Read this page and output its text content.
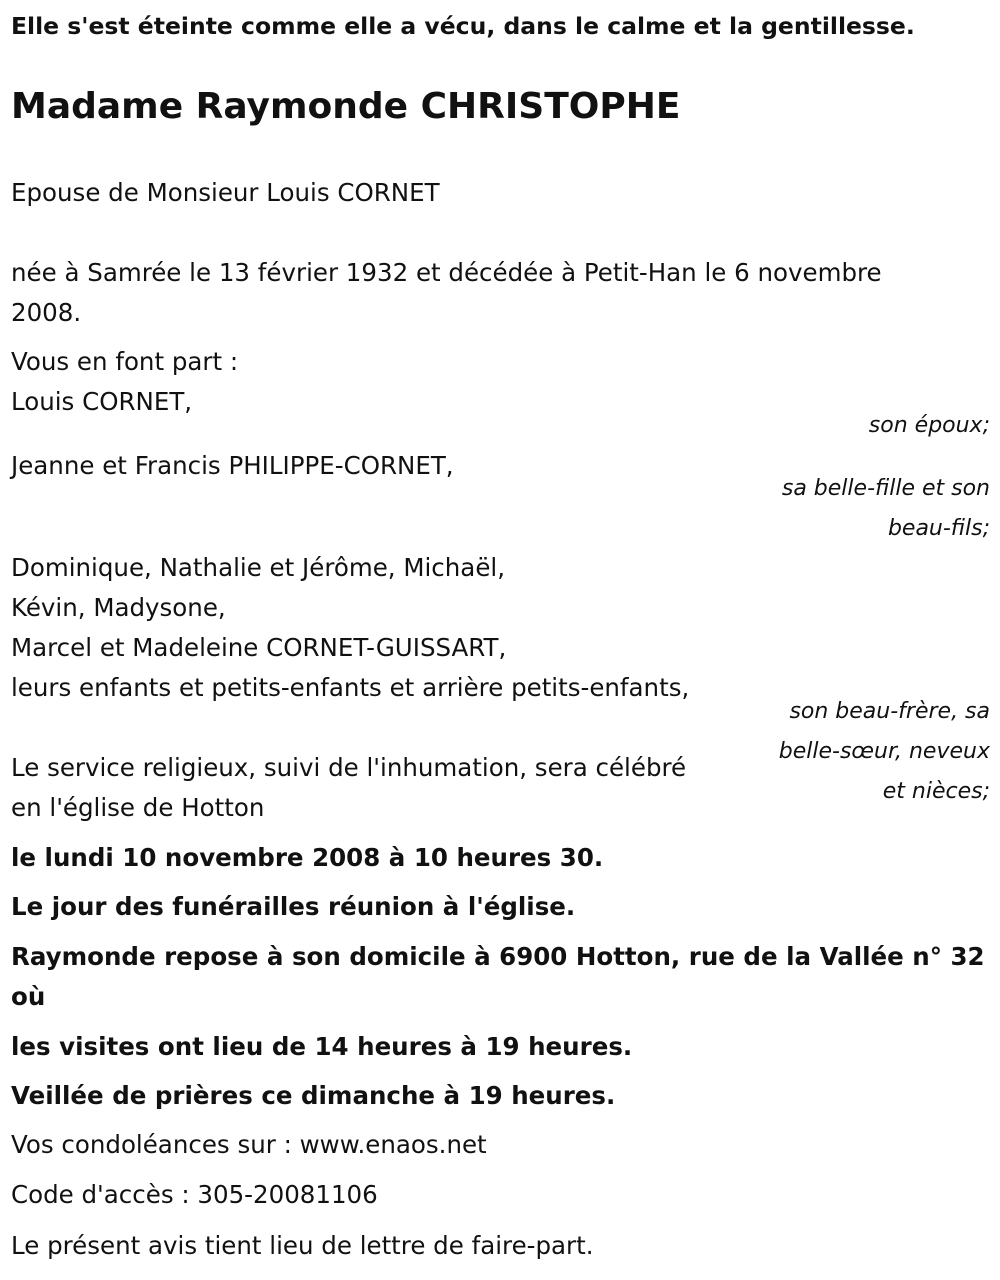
Elle s'est éteinte comme elle a vécu, dans le calme et la gentillesse.
Madame Raymonde CHRISTOPHE
Epouse de Monsieur Louis CORNET
née à Samrée le 13 février 1932 et décédée à Petit-Han le 6 novembre
2008.
Vous en font part :
Louis CORNET,
son époux;
Jeanne et Francis PHILIPPE-CORNET,
sa belle-fille et son
beau-fils;
Dominique, Nathalie et Jérôme, Michaël,
Kévin, Madysone,
Marcel et Madeleine CORNET-GUISSART,
leurs enfants et petits-enfants et arrière petits-enfants,
son beau-frère, sa
belle-sœur, neveux
et nièces;
Le service religieux, suivi de l'inhumation, sera célébré
en l'église de Hotton
le lundi 10 novembre 2008 à 10 heures 30.
Le jour des funérailles réunion à l'église.
Raymonde repose à son domicile à 6900 Hotton, rue de la Vallée n° 32
où
les visites ont lieu de 14 heures à 19 heures.
Veillée de prières ce dimanche à 19 heures.
Vos condoléances sur : www.enaos.net
Code d'accès : 305-20081106
Le présent avis tient lieu de lettre de faire-part.
